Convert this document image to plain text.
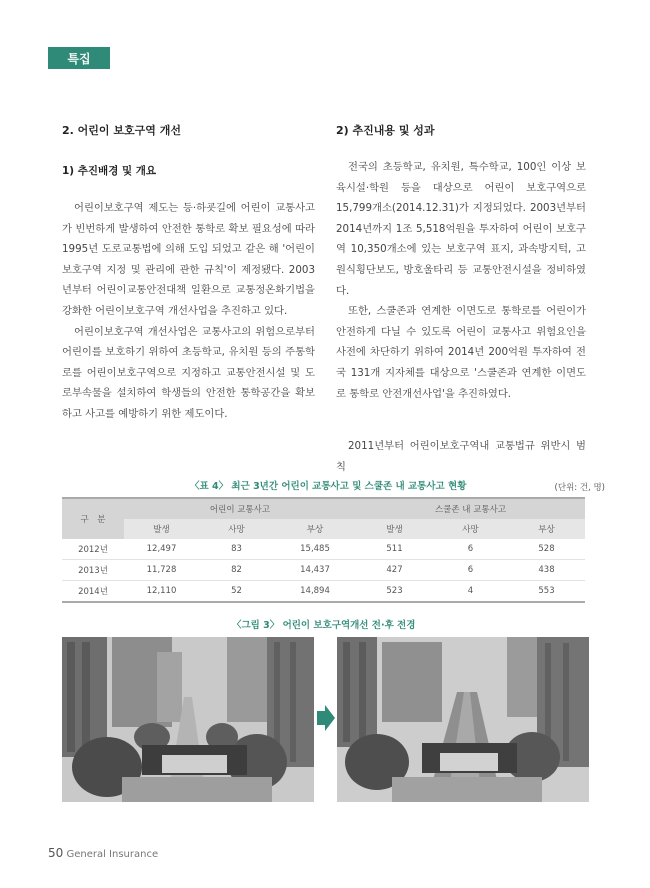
특집
2. 어린이 보호구역 개선
1) 추진배경 및 개요

어린이보호구역 제도는 등·하굣길에 어린이 교통사고가 빈번하게 발생하여 안전한 통학로 확보 필요성에 따라 1995년 도로교통법에 의해 도입 되었고 같은 해 '어린이보호구역 지정 및 관리에 관한 규칙'이 제정됐다. 2003년부터 어린이교통안전대책 일환으로 교통정온화기법을 강화한 어린이보호구역 개선사업을 추진하고 있다.

어린이보호구역 개선사업은 교통사고의 위험으로부터 어린이를 보호하기 위하여 초등학교, 유치원 등의 주통학로를 어린이보호구역으로 지정하고 교통안전시설 및 도로부속물을 설치하여 학생들의 안전한 통학공간을 확보하고 사고를 예방하기 위한 제도이다.

2) 추진내용 및 성과

전국의 초등학교, 유치원, 특수학교, 100인 이상 보육시설·학원 등을 대상으로 어린이 보호구역으로 15,799개소(2014.12.31)가 지정되었다. 2003년부터 2014년까지 1조 5,518억원을 투자하여 어린이 보호구역 10,350개소에 있는 보호구역 표지, 과속방지턱, 고원식횡단보도, 방호울타리 등 교통안전시설을 정비하였다.

또한, 스쿨존과 연계한 이면도로 통학로를 어린이가 안전하게 다닐 수 있도록 어린이 교통사고 위험요인을 사전에 차단하기 위하여 2014년 200억원 투자하여 전국 131개 지자체를 대상으로 '스쿨존과 연계한 이면도로 통학로 안전개선사업'을 추진하였다.

2011년부터 어린이보호구역내 교통법규 위반시 범칙

〈표 4〉 최근 3년간 어린이 교통사고 및 스쿨존 내 교통사고 현황	(단위: 건, 명)
구　분	어린이 교통사고			스쿨존 내 교통사고		
	발생	사망	부상	발생	사망	부상
2012년	12,497	83	15,485	511	6	528
2013년	11,728	82	14,437	427	6	438
2014년	12,110	52	14,894	523	4	553
〈그림 3〉 어린이 보호구역개선 전·후 전경
50 General Insurance
